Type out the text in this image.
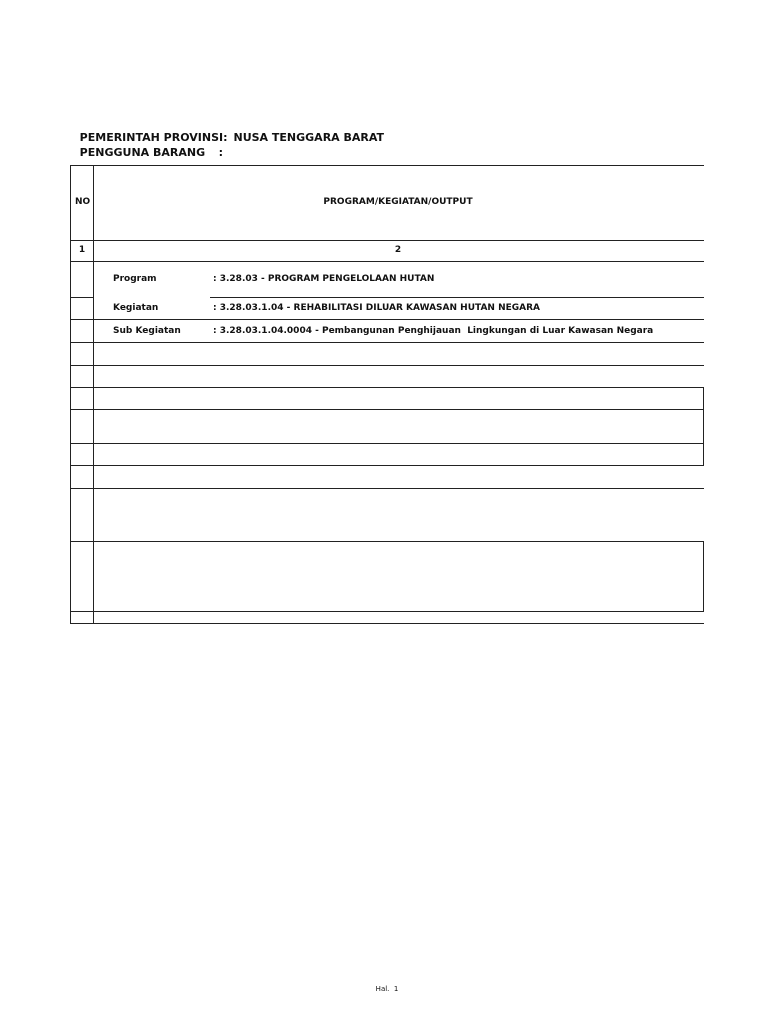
PEMERINTAH PROVINSI: NUSA TENGGARA BARAT

PENGGUNA BARANG :

NO	PROGRAM/KEGIATAN/OUTPUT
1	2
Program	: 3.28.03 - PROGRAM PENGELOLAAN HUTAN
Kegiatan	: 3.28.03.1.04 - REHABILITASI DILUAR KAWASAN HUTAN NEGARA
Sub Kegiatan	: 3.28.03.1.04.0004 - Pembangunan Penghijauan  Lingkungan di Luar Kawasan Negara
Hal.  1
